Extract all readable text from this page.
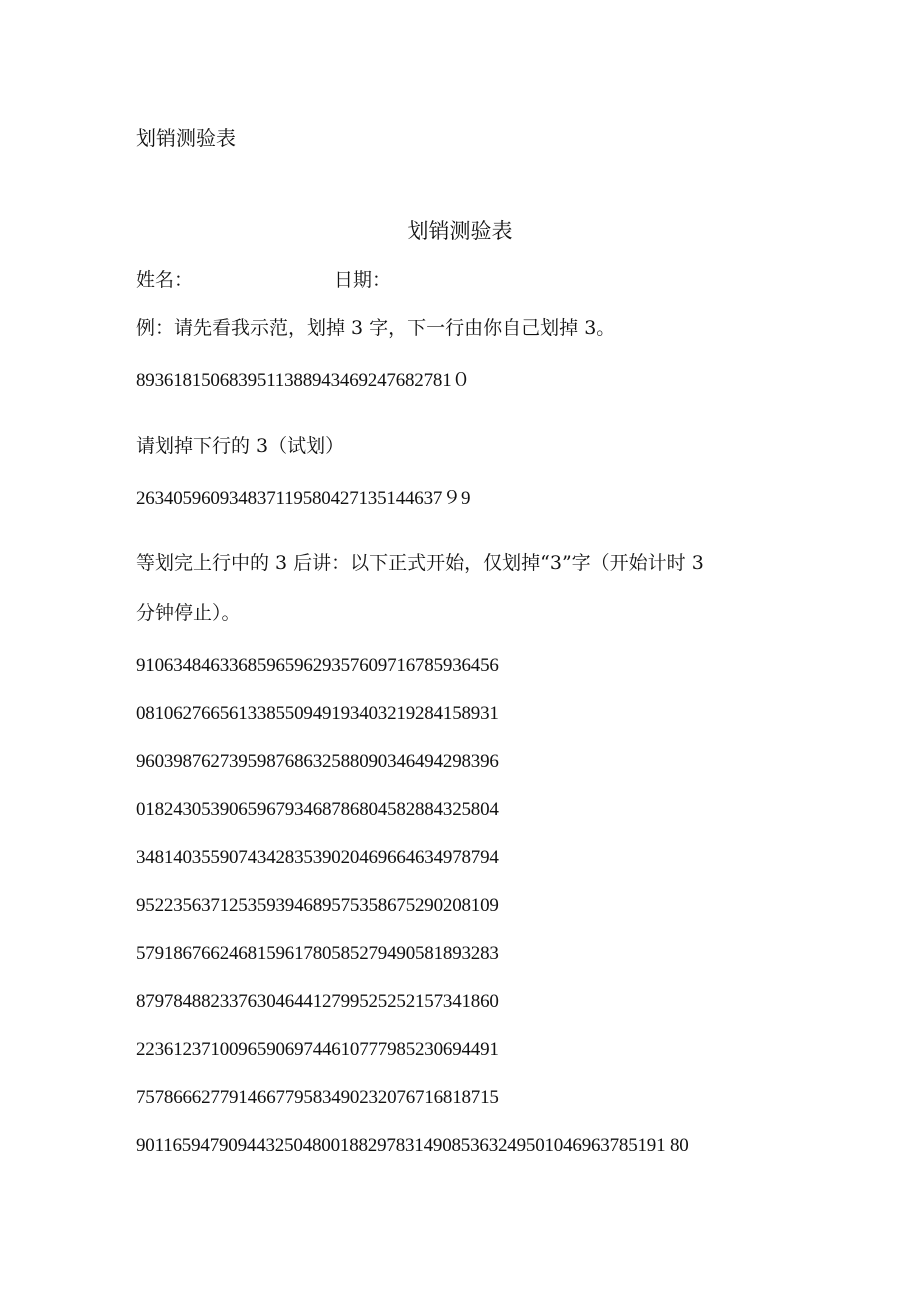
划销测验表
划销测验表
姓名：	日期：
例：请先看我示范，划掉 3 字，下一行由你自己划掉 3。
8936181506839511388943469247682781０
请划掉下行的 3（试划）
263405960934837119580427135144637９9
等划完上行中的 3 后讲：以下正式开始，仅划掉“3”字（开始计时 3
分钟停止）。
910634846336859659629357609716785936456
081062766561338550949193403219284158931
960398762739598768632588090346494298396
018243053906596793468786804582884325804
348140355907434283539020469664634978794
952235637125359394689575358675290208109
579186766246815961780585279490581893283
879784882337630464412799525252157341860
223612371009659069744610777985230694491
757866627791466779583490232076716818715
901165947909443250480018829783149085363249501046963785191 80
